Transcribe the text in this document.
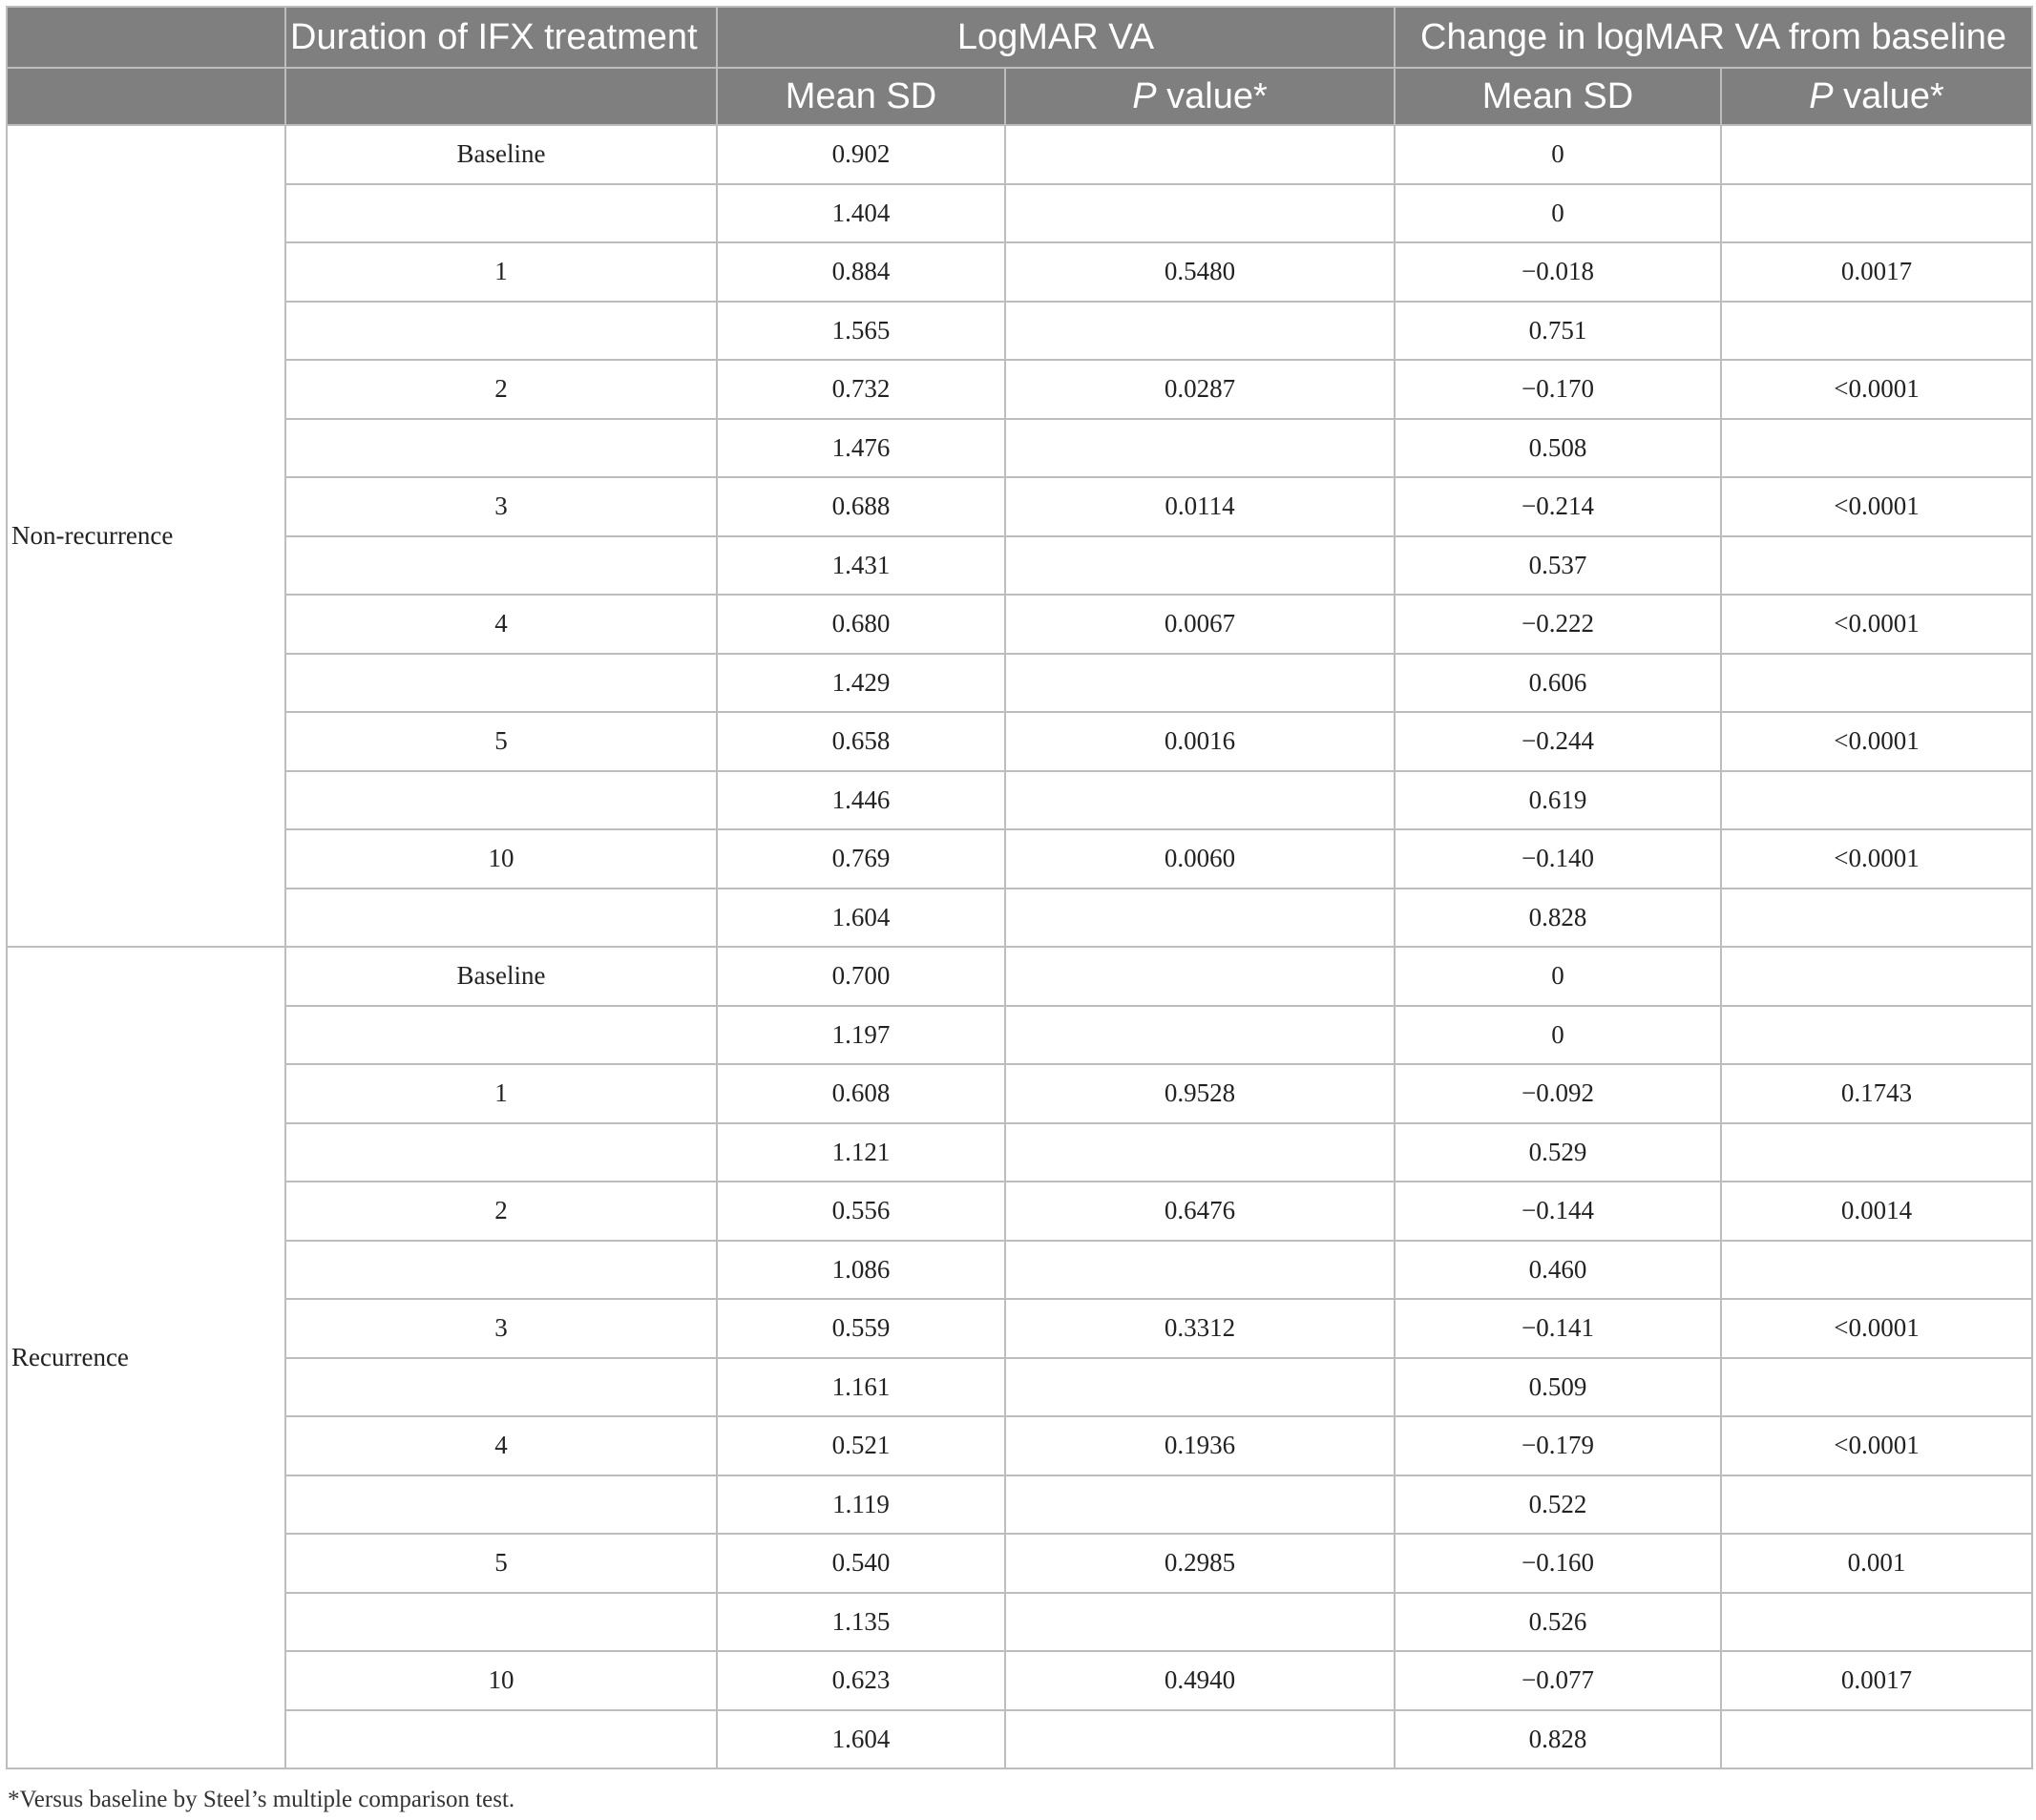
	Duration of IFX treatment	LogMAR VA		Change in logMAR VA from baseline	
		Mean SD	P value*	Mean SD	P value*
Non-recurrence	Baseline	0.902		0	
		1.404		0	
	1	0.884	0.5480	−0.018	0.0017
		1.565		0.751	
	2	0.732	0.0287	−0.170	<0.0001
		1.476		0.508	
	3	0.688	0.0114	−0.214	<0.0001
		1.431		0.537	
	4	0.680	0.0067	−0.222	<0.0001
		1.429		0.606	
	5	0.658	0.0016	−0.244	<0.0001
		1.446		0.619	
	10	0.769	0.0060	−0.140	<0.0001
		1.604		0.828	
Recurrence	Baseline	0.700		0	
		1.197		0	
	1	0.608	0.9528	−0.092	0.1743
		1.121		0.529	
	2	0.556	0.6476	−0.144	0.0014
		1.086		0.460	
	3	0.559	0.3312	−0.141	<0.0001
		1.161		0.509	
	4	0.521	0.1936	−0.179	<0.0001
		1.119		0.522	
	5	0.540	0.2985	−0.160	0.001
		1.135		0.526	
	10	0.623	0.4940	−0.077	0.0017
		1.604		0.828	
*Versus baseline by Steel’s multiple comparison test.
